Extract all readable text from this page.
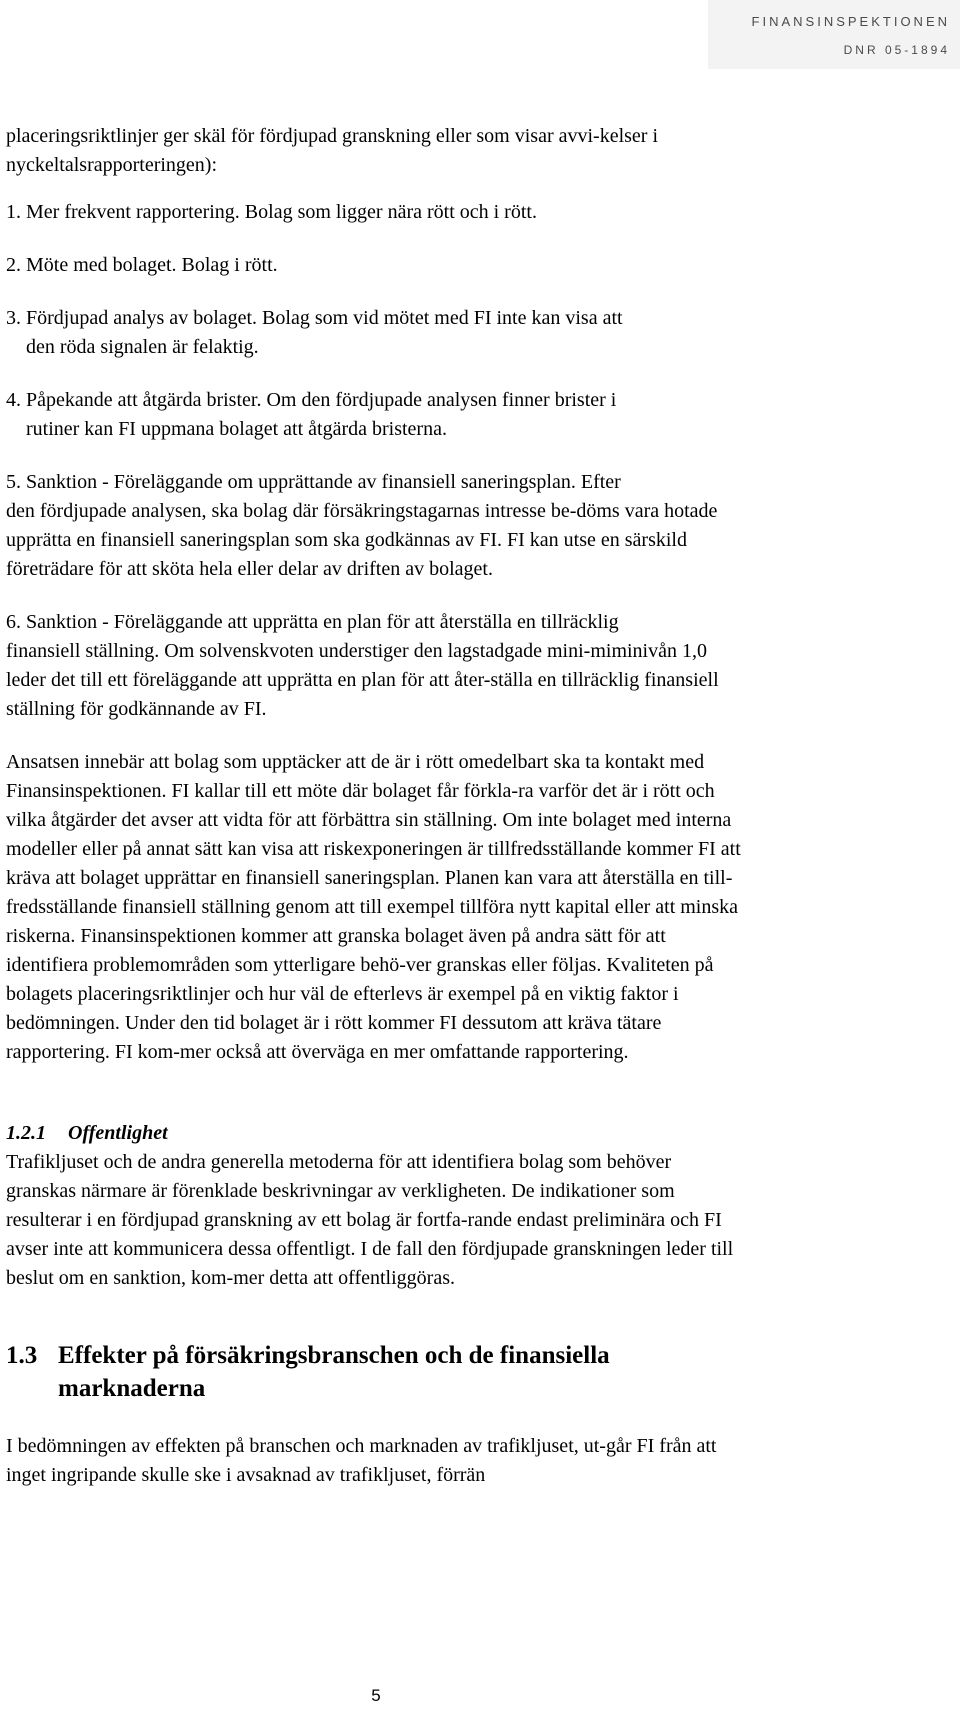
FINANSINSPEKTIONEN
DNR 05-1894

placeringsriktlinjer ger skäl för fördjupad granskning eller som visar avvi-kelser i nyckeltalsrapporteringen):

1. Mer frekvent rapportering. Bolag som ligger nära rött och i rött.

2. Möte med bolaget. Bolag i rött.

3. Fördjupad analys av bolaget. Bolag som vid mötet med FI inte kan visa att
den röda signalen är felaktig.

4. Påpekande att åtgärda brister. Om den fördjupade analysen finner brister i
rutiner kan FI uppmana bolaget att åtgärda bristerna.

5. Sanktion - Föreläggande om upprättande av finansiell saneringsplan. Efter
den fördjupade analysen, ska bolag där försäkringstagarnas intresse be-döms vara hotade upprätta en finansiell saneringsplan som ska godkännas av FI. FI kan utse en särskild företrädare för att sköta hela eller delar av driften av bolaget.

6. Sanktion - Föreläggande att upprätta en plan för att återställa en tillräcklig
finansiell ställning. Om solvenskvoten understiger den lagstadgade mini-miminivån 1,0 leder det till ett föreläggande att upprätta en plan för att åter-ställa en tillräcklig finansiell ställning för godkännande av FI.

Ansatsen innebär att bolag som upptäcker att de är i rött omedelbart ska ta kontakt med Finansinspektionen. FI kallar till ett möte där bolaget får förkla-ra varför det är i rött och vilka åtgärder det avser att vidta för att förbättra sin ställning. Om inte bolaget med interna modeller eller på annat sätt kan visa att riskexponeringen är tillfredsställande kommer FI att kräva att bolaget upprättar en finansiell saneringsplan. Planen kan vara att återställa en till-fredsställande finansiell ställning genom att till exempel tillföra nytt kapital eller att minska riskerna. Finansinspektionen kommer att granska bolaget även på andra sätt för att identifiera problemområden som ytterligare behö-ver granskas eller följas. Kvaliteten på bolagets placeringsriktlinjer och hur väl de efterlevs är exempel på en viktig faktor i bedömningen. Under den tid bolaget är i rött kommer FI dessutom att kräva tätare rapportering. FI kom-mer också att överväga en mer omfattande rapportering.

1.2.1 Offentlighet

Trafikljuset och de andra generella metoderna för att identifiera bolag som behöver granskas närmare är förenklade beskrivningar av verkligheten. De indikationer som resulterar i en fördjupad granskning av ett bolag är fortfa-rande endast preliminära och FI avser inte att kommunicera dessa offentligt. I de fall den fördjupade granskningen leder till beslut om en sanktion, kom-mer detta att offentliggöras.

1.3 Effekter på försäkringsbranschen och de finansiella marknaderna

I bedömningen av effekten på branschen och marknaden av trafikljuset, ut-går FI från att inget ingripande skulle ske i avsaknad av trafikljuset, förrän

5
